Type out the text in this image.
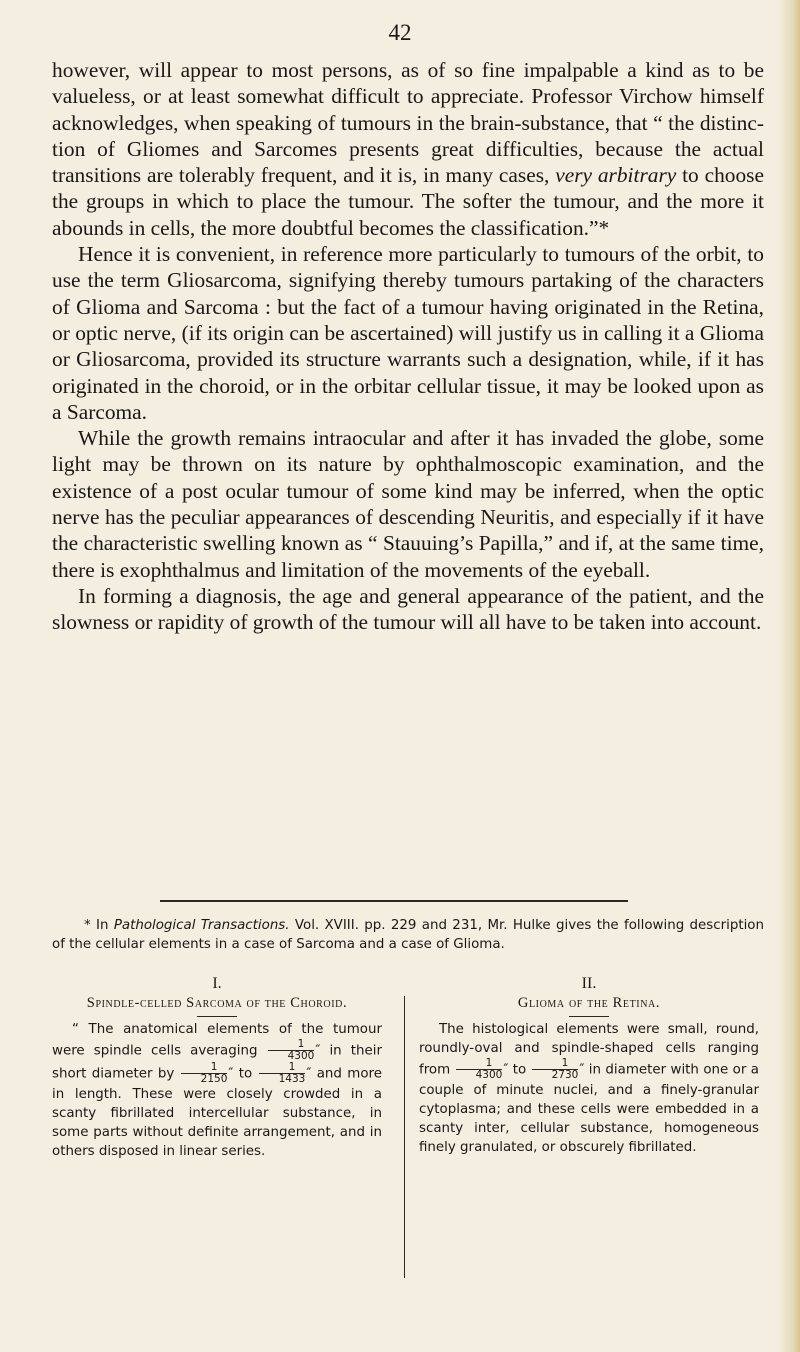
42

however, will appear to most persons, as of so fine impalpable a kind as to be valueless, or at least somewhat difficult to appreciate. Professor Virchow himself acknowledges, when speaking of tumours in the brain-substance, that “ the distinction of Gliomes and Sarcomes presents great difficulties, because the actual transitions are tolerably frequent, and it is, in many cases, very arbitrary to choose the groups in which to place the tumour. The softer the tumour, and the more it abounds in cells, the more doubtful becomes the classification.”*

Hence it is convenient, in reference more particularly to tumours of the orbit, to use the term Gliosarcoma, signifying thereby tumours partaking of the characters of Glioma and Sarcoma : but the fact of a tumour having originated in the Retina, or optic nerve, (if its origin can be ascertained) will justify us in calling it a Glioma or Gliosarcoma, provided its structure warrants such a designation, while, if it has originated in the choroid, or in the orbitar cellular tissue, it may be looked upon as a Sarcoma.

While the growth remains intraocular and after it has invaded the globe, some light may be thrown on its nature by ophthalmoscopic examination, and the existence of a post ocular tumour of some kind may be inferred, when the optic nerve has the peculiar appearances of descending Neuritis, and especially if it have the characteristic swelling known as “ Stauuing’s Papilla,” and if, at the same time, there is exophthalmus and limitation of the movements of the eyeball.

In forming a diagnosis, the age and general appearance of the patient, and the slowness or rapidity of growth of the tumour will all have to be taken into account.

* In Pathological Transactions. Vol. XVIII. pp. 229 and 231, Mr. Hulke gives the following description of the cellular elements in a case of Sarcoma and a case of Glioma.

I.
Spindle-celled Sarcoma of the Choroid.
“ The anatomical elements of the tumour were spindle cells averaging $\frac{1}{4300}$ ″ in their short diameter by $\frac{1}{2150}$ ″ to $\frac{1}{1433}$ ″ and more in length. These were closely crowded in a scanty fibrillated intercellular substance, in some parts without definite arrangement, and in others disposed in linear series.
II.
Glioma of the Retina.
The histological elements were small, round, roundly-oval and spindle-shaped cells ranging from $\frac{1}{4300}$ ″ to $\frac{1}{2730}$ ″ in diameter with one or a couple of minute nuclei, and a finely-granular cytoplasma; and these cells were embedded in a scanty inter, cellular substance, homogeneous finely granulated, or obscurely fibrillated.
